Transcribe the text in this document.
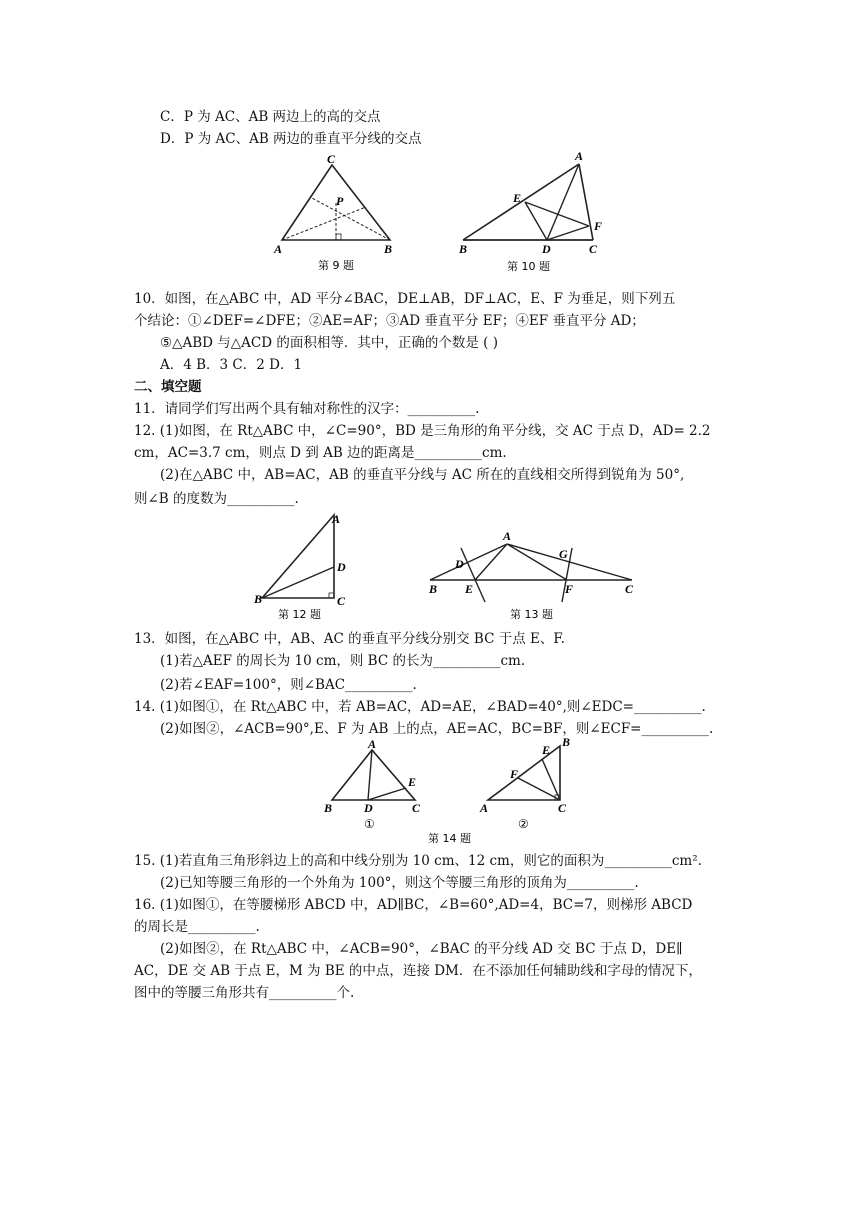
C．P 为 AC、AB 两边上的高的交点
D．P 为 AC、AB 两边的垂直平分线的交点
C
P
A	B
第 9 题
A
E
F
B	D	C
第 10 题
10．如图，在△ABC 中，AD 平分∠BAC，DE⊥AB，DF⊥AC，E、F 为垂足，则下列五
个结论：①∠DEF=∠DFE；②AE=AF；③AD 垂直平分 EF；④EF 垂直平分 AD；
⑤△ABD 与△ACD 的面积相等．其中，正确的个数是 ( )
A．4 B．3 C．2 D．1
二、填空题
11．请同学们写出两个具有轴对称性的汉字：__________.
12. (1)如图，在 Rt△ABC 中，∠C=90°，BD 是三角形的角平分线，交 AC 于点 D，AD= 2.2
cm，AC=3.7 cm，则点 D 到 AB 边的距离是__________cm.
(2)在△ABC 中，AB=AC，AB 的垂直平分线与 AC 所在的直线相交所得到锐角为 50°,
则∠B 的度数为__________.
A
D
B	C
第 12 题
A
D
G
B E	F	C
第 13 题
13．如图，在△ABC 中，AB、AC 的垂直平分线分别交 BC 于点 E、F.
(1)若△AEF 的周长为 10 cm，则 BC 的长为__________cm.
(2)若∠EAF=100°，则∠BAC__________.
14. (1)如图①，在 Rt△ABC 中，若 AB=AC，AD=AE，∠BAD=40°,则∠EDC=__________.
(2)如图②，∠ACB=90°,E、F 为 AB 上的点，AE=AC，BC=BF，则∠ECF=__________.
A
E
B	D	C
①
B
E
F
A	C
②
第 14 题
15. (1)若直角三角形斜边上的高和中线分别为 10 cm、12 cm，则它的面积为__________cm².
(2)已知等腰三角形的一个外角为 100°，则这个等腰三角形的顶角为__________.
16. (1)如图①，在等腰梯形 ABCD 中，AD∥BC，∠B=60°,AD=4，BC=7，则梯形 ABCD
的周长是__________.
(2)如图②，在 Rt△ABC 中，∠ACB=90°，∠BAC 的平分线 AD 交 BC 于点 D，DE∥
AC，DE 交 AB 于点 E，M 为 BE 的中点，连接 DM．在不添加任何辅助线和字母的情况下，
图中的等腰三角形共有__________个.
